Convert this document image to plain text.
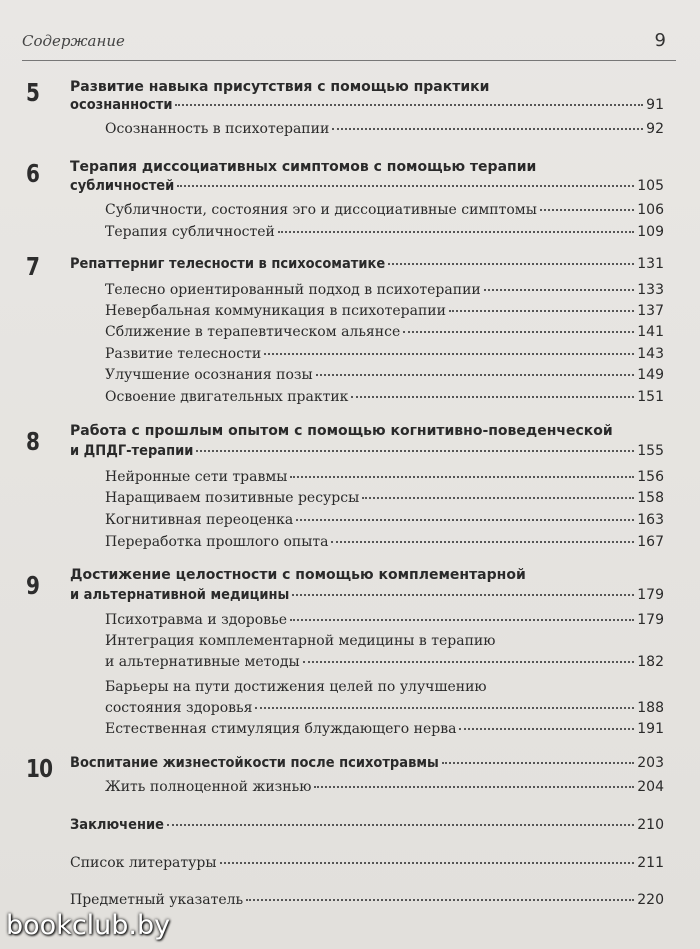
Содержание	9
5 Развитие навыка присутствия с помощью практики
осознанности	91
Осознанность в психотерапии	92
6 Терапия диссоциативных симптомов с помощью терапии
субличностей	105
Субличности, состояния эго и диссоциативные симптомы	106
Терапия субличностей	109
7 Репаттерниг телесности в психосоматике	131
Телесно ориентированный подход в психотерапии	133
Невербальная коммуникация в психотерапии	137
Сближение в терапевтическом альянсе	141
Развитие телесности	143
Улучшение осознания позы	149
Освоение двигательных практик	151
8 Работа с прошлым опытом с помощью когнитивно-поведенческой
и ДПДГ-терапии	155
Нейронные сети травмы	156
Наращиваем позитивные ресурсы	158
Когнитивная переоценка	163
Переработка прошлого опыта	167
9 Достижение целостности с помощью комплементарной
и альтернативной медицины	179
Психотравма и здоровье	179
Интеграция комплементарной медицины в терапию
и альтернативные методы	182
Барьеры на пути достижения целей по улучшению
состояния здоровья	188
Естественная стимуляция блуждающего нерва	191
10 Воспитание жизнестойкости после психотравмы	203
Жить полноценной жизнью	204
Заключение	210
Список литературы	211
Предметный указатель	220
bookclub.by
